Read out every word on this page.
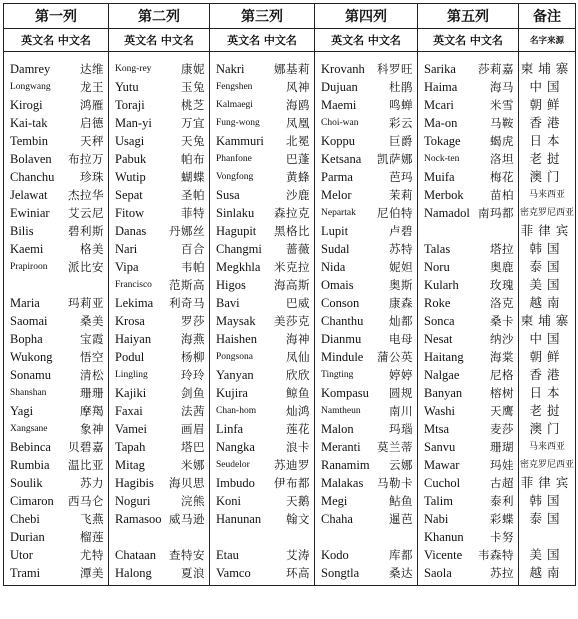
第一列	第二列	第三列	第四列	第五列	备注
英文名 中文名	英文名 中文名	英文名 中文名	英文名 中文名	英文名 中文名	名字来源

Damrey 达维	Kong-rey 康妮	Nakri 娜基莉	Krovanh 科罗旺	Sarika 莎莉嘉	柬埔寨

Longwang 龙王	Yutu 玉兔	Fengshen 风神	Dujuan 杜鹃	Haima 海马	中国

Kirogi 鸿雁	Toraji 桃芝	Kalmaegi 海鸥	Maemi 鸣蝉	Mcari 米雪	朝鲜

Kai-tak 启德	Man-yi 万宜	Fung-wong 凤凰	Choi-wan 彩云	Ma-on 马鞍	香港

Tembin 天秤	Usagi 天兔	Kammuri 北冕	Koppu 巨爵	Tokage 蝎虎	日本

Bolaven 布拉万	Pabuk 帕布	Phanfone 巴蓬	Ketsana 凯萨娜	Nock-ten 洛坦	老挝

Chanchu 珍珠	Wutip 蝴蝶	Vongfong 黄蜂	Parma 芭玛	Muifa 梅花	澳门

Jelawat 杰拉华	Sepat 圣帕	Susa 沙鹿	Melor 茉莉	Merbok 苗柏	马来西亚

Ewiniar 艾云尼	Fitow 菲特	Sinlaku 森拉克	Nepartak 尼伯特	Namadol 南玛都	密克罗尼西亚

Bilis 碧利斯	Danas 丹娜丝	Hagupit 黑格比	Lupit 卢碧		菲律宾

Kaemi 格美	Nari 百合	Changmi 蔷薇	Sudal 苏特	Talas 塔拉	韩国

Prapiroon 派比安	Vipa 韦帕	Megkhla 米克拉	Nida 妮妲	Noru 奥鹿	泰国

	Francisco 范斯高	Higos 海高斯	Omais 奥斯	Kularh 玫瑰	美国

Maria 玛莉亚	Lekima 利奇马	Bavi 巴威	Conson 康森	Roke 洛克	越南

Saomai 桑美	Krosa 罗莎	Maysak 美莎克	Chanthu 灿都	Sonca 桑卡	柬埔寨

Bopha 宝霞	Haiyan 海燕	Haishen 海神	Dianmu 电母	Nesat 纳沙	中国

Wukong 悟空	Podul 杨柳	Pongsona 凤仙	Mindule 蒲公英	Haitang 海棠	朝鲜

Sonamu 清松	Lingling 玲玲	Yanyan 欣欣	Tingting 婷婷	Nalgae 尼格	香港

Shanshan 珊珊	Kajiki 剑鱼	Kujira 鲸鱼	Kompasu 圆规	Banyan 榕树	日本

Yagi 摩羯	Faxai 法茜	Chan-hom 灿鸿	Namtheun 南川	Washi 天鹰	老挝

Xangsane 象神	Vamei 画眉	Linfa 莲花	Malon 玛瑙	Mtsa 麦莎	澳门

Bebinca 贝碧嘉	Tapah 塔巴	Nangka 浪卡	Meranti 莫兰蒂	Sanvu 珊瑚	马来西亚

Rumbia 温比亚	Mitag 米娜	Seudelor 苏迪罗	Ranamim 云娜	Mawar 玛娃	密克罗尼西亚

Soulik 苏力	Hagibis 海贝思	Imbudo 伊布都	Malakas 马勒卡	Cuchol 古超	菲律宾

Cimaron 西马仑	Noguri 浣熊	Koni 天鹅	Megi 鲇鱼	Talim 泰利	韩国

Chebi 飞燕	Ramasoo 威马逊	Hanunan 翰文	Chaha 暹芭	Nabi 彩蝶	泰国

Durian 榴莲				Khanun 卡努	

Utor 尤特	Chataan 查特安	Etau 艾涛	Kodo 库都	Vicente 韦森特	美国

Trami 潭美	Halong 夏浪	Vamco 环高	Songtla 桑达	Saola 苏拉	越南
